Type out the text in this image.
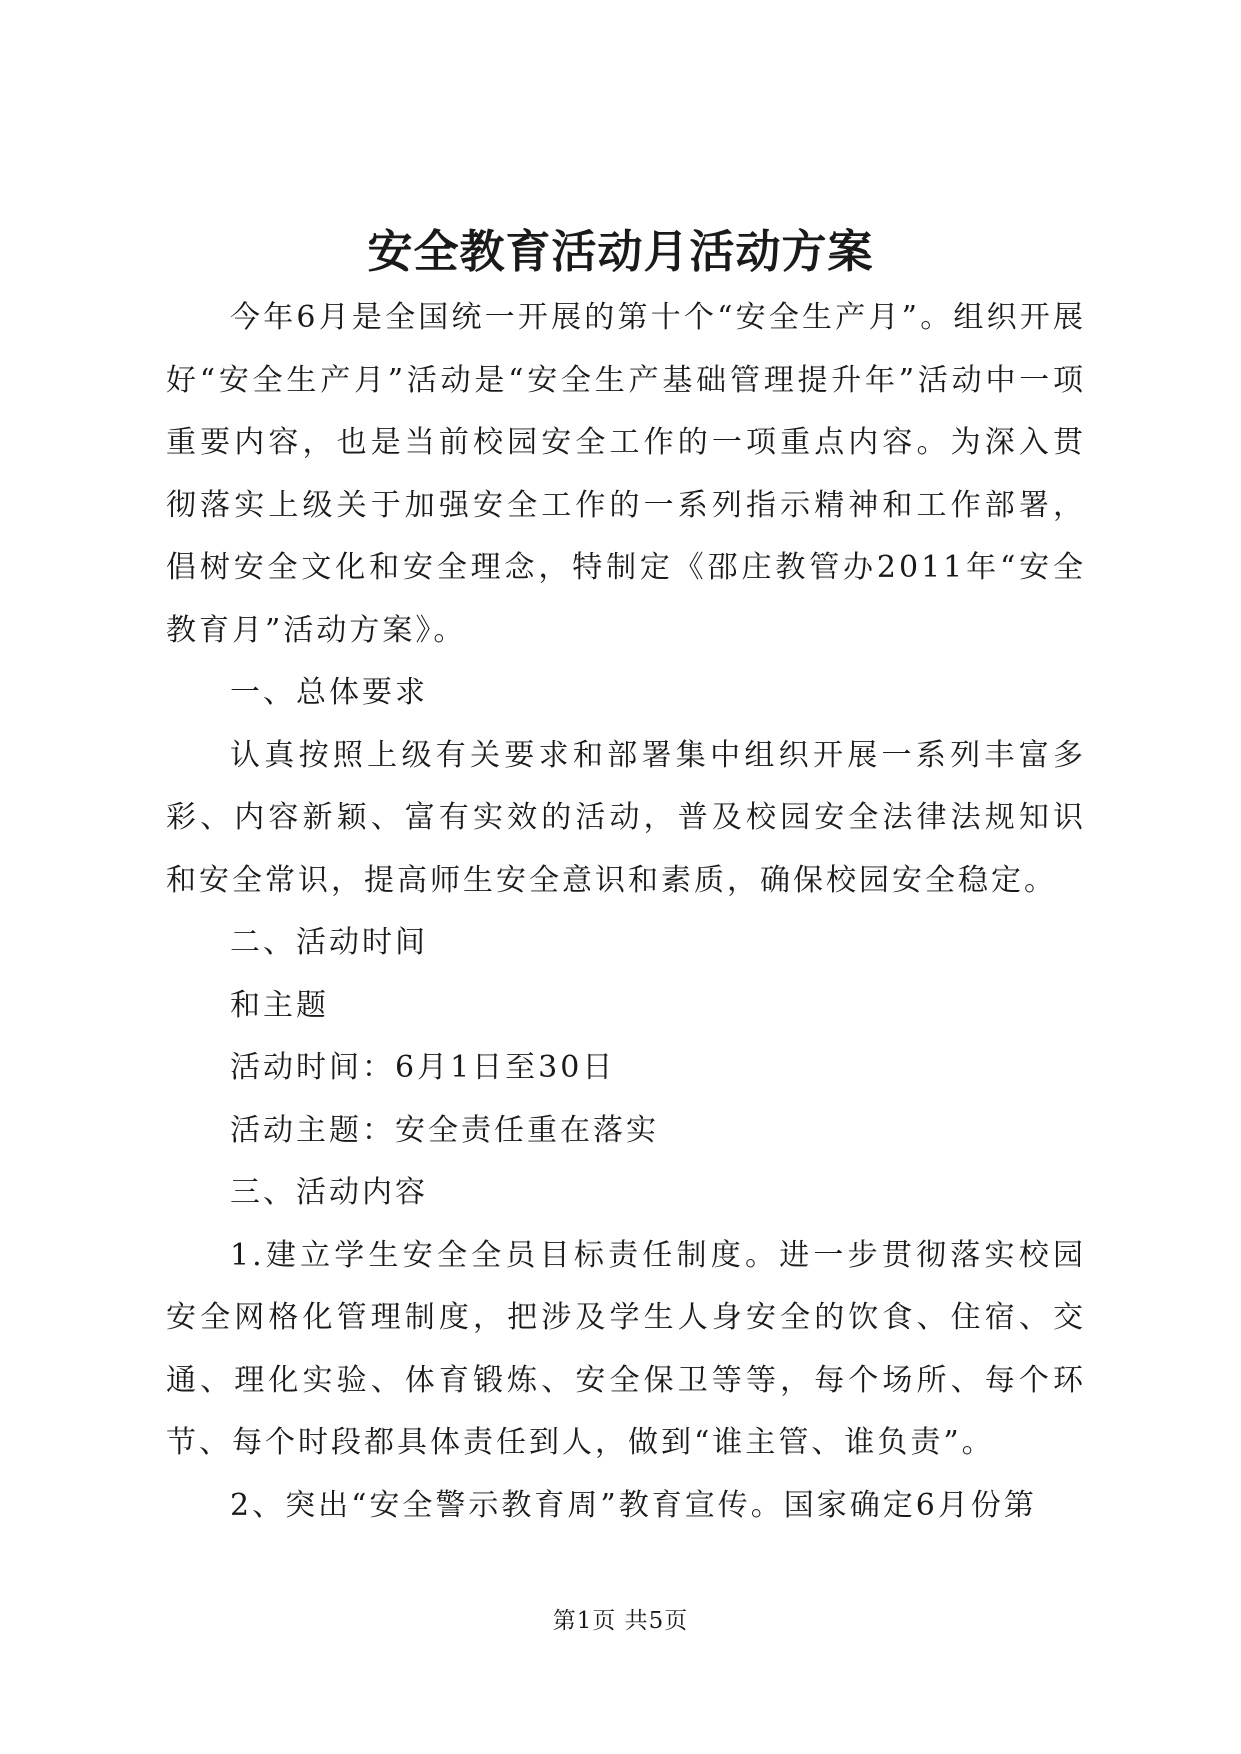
安全教育活动月活动方案

今年6月是全国统一开展的第十个“安全生产月”。组织开展好“安全生产月”活动是“安全生产基础管理提升年”活动中一项重要内容，也是当前校园安全工作的一项重点内容。为深入贯彻落实上级关于加强安全工作的一系列指示精神和工作部署，倡树安全文化和安全理念，特制定《邵庄教管办2011年“安全教育月”活动方案》。

一、总体要求

认真按照上级有关要求和部署集中组织开展一系列丰富多彩、内容新颖、富有实效的活动，普及校园安全法律法规知识和安全常识，提高师生安全意识和素质，确保校园安全稳定。

二、活动时间

和主题

活动时间：6月1日至30日

活动主题：安全责任重在落实

三、活动内容

1.建立学生安全全员目标责任制度。进一步贯彻落实校园安全网格化管理制度，把涉及学生人身安全的饮食、住宿、交通、理化实验、体育锻炼、安全保卫等等，每个场所、每个环节、每个时段都具体责任到人，做到“谁主管、谁负责”。

2、突出“安全警示教育周”教育宣传。国家确定6月份第

第1页 共5页
